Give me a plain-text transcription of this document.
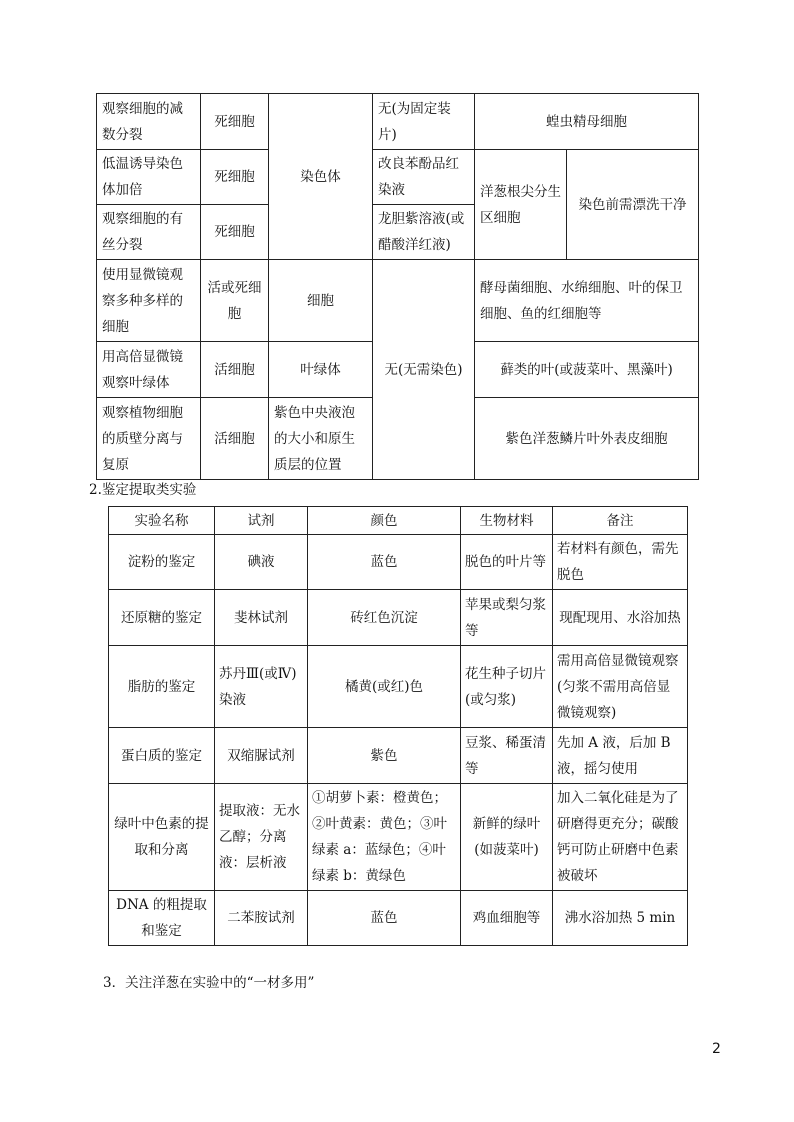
观察细胞的减数分裂	死细胞	染色体	无(为固定装片)	蝗虫精母细胞	
低温诱导染色体加倍	死细胞		改良苯酚品红染液	洋葱根尖分生区细胞	染色前需漂洗干净
观察细胞的有丝分裂	死细胞		龙胆紫溶液(或醋酸洋红液)		
使用显微镜观察多种多样的细胞	活或死细胞	细胞	无(无需染色)	酵母菌细胞、水绵细胞、叶的保卫细胞、鱼的红细胞等	
用高倍显微镜观察叶绿体	活细胞	叶绿体		藓类的叶(或菠菜叶、黑藻叶)	
观察植物细胞的质壁分离与复原	活细胞	紫色中央液泡的大小和原生质层的位置		紫色洋葱鳞片叶外表皮细胞	
2.鉴定提取类实验
实验名称	试剂	颜色	生物材料	备注
淀粉的鉴定	碘液	蓝色	脱色的叶片等	若材料有颜色，需先脱色
还原糖的鉴定	斐林试剂	砖红色沉淀	苹果或梨匀浆等	现配现用、水浴加热
脂肪的鉴定	苏丹Ⅲ(或Ⅳ)染液	橘黄(或红)色	花生种子切片(或匀浆)	需用高倍显微镜观察(匀浆不需用高倍显微镜观察)
蛋白质的鉴定	双缩脲试剂	紫色	豆浆、稀蛋清等	先加 A 液，后加 B 液，摇匀使用
绿叶中色素的提取和分离	提取液：无水乙醇；分离液：层析液	①胡萝卜素：橙黄色；②叶黄素：黄色；③叶绿素 a：蓝绿色；④叶绿素 b：黄绿色	新鲜的绿叶(如菠菜叶)	加入二氧化硅是为了研磨得更充分；碳酸钙可防止研磨中色素被破坏
DNA 的粗提取和鉴定	二苯胺试剂	蓝色	鸡血细胞等	沸水浴加热 5 min
3．关注洋葱在实验中的“一材多用”
2
